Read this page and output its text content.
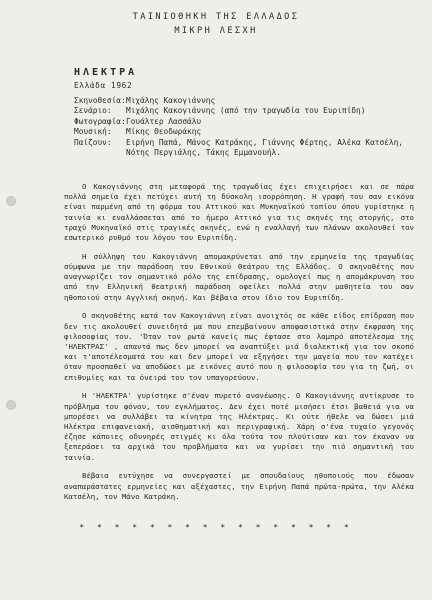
ΤΑΙΝΙΟΘΗΚΗ ΤΗΣ ΕΛΛΑΔΟΣ
ΜΙΚΡΗ ΛΕΣΧΗ
ΗΛΕΚΤΡΑ
Ελλάδα 1962
Σκηνοθεσία: Μιχάλης Κακογιάννης
Σενάριο:	Μιχάλης Κακογιάννης (από την τραγωδία του Ευριπίδη)
Φωτογραφία: Γουάλτερ Λασσάλυ
Μουσική:	Μίκης Θεοδωράκης
Παίζουν:	Ειρήνη Παπά, Μάνος Κατράκης, Γιάννης Φέρτης, Αλέκα Κατσέλη,
Νότης Περγιάλης, Τάκης Εμμανουήλ.

Ο Κακογιάννης στη μεταφορά της τραγωδίας έχει επιχειρήσει και σε πάρα πολλά σημεία έχει πετύχει αυτή τη δύσκολη ισορρόπηση. Η γραφή του σαν εικόνα είναι παρμένη από τη φόρμα του Αττικού και Μυκηναϊκού τοπίου όπου γυρίστηκε η ταινία κι εναλλάσσεται από το ήμερο Αττικό για τις σκηνές της στοργής, στο τραχύ Μυκηναϊκό στις τραγικές σκηνές, ενώ η εναλλαγή των πλάνων ακολουθεί τον εσωτερικό ρυθμό του λόγου του Ευριπίδη.

Η σύλληψη του Κακογιάννη απομακρύνεται από την ερμηνεία της τραγωδίας σύμφωνα με την παράδοση του Εθνικού Θεάτρου της Ελλάδος. Ο σκηνοθέτης που αναγνωρίζει τον σημαντικό ρόλο της επίδρασης, ομολογεί πως η απομάκρυνση του από την Ελληνική θεατρική παράδοση οφείλει πολλά στην μαθητεία του σαν ηθοποιού στην Αγγλική σκηνή. Και βέβαια στον ίδιο τον Ευριπίδη.

Ο σκηνοθέτης κατά τον Κακογιάννη είναι ανοιχτός σε κάθε είδος επίδραση που δεν τις ακολουθεί συνειδητά μα που επεμβαίνουν αποφασιστικά στην έκφραση της φιλοσοφίας του. 'Όταν τον ρωτά κανείς πως έφτασε στο λαμπρό αποτέλεσμα της 'ΗΛΕΚΤΡΑΣ' , απαντά πως δεν μπορεί να αναπτύξει μιά διαλεκτική για τον σκοπό και τ'αποτέλεσματά του και δεν μπορεί να εξηγήσει την μαγεία που τον κατέχει όταν προσπαθεί να αποδώσει με εικόνες αυτό που η φιλοσοφία του για τη ζωή, οι επιθυμίες και τα όνειρά του τον υπαγορεύουν.

Η 'ΗΛΕΚΤΡΑ' γυρίστηκε σ'έναν πυρετό ανανέωσης. Ο Κακογιάννης αντίκρυσε το πρόβλημα του φόνου, του εγκλήματος. Δεν έχει ποτέ μισήσει έτσι βαθειά για να μπορέσει να συλλάβει τα κίνητρα της Ηλέκτρας. Κι ούτε ήθελε να δώσει μιά Ηλέκτρα επιφανειακή, αισθηματική και περιγραφική. Χάρη σ'ένα τυχαίο γεγονός έζησε κάποιες οδυνηρές στιγμές κι όλα τούτα τον πλούτισαν και τον έκαναν να ξεπεράσει τα αρχικά του προβλήματα και να γυρίσει την πιό σημαντική του ταινία.

Βέβαια ευτύχησε να συνεργαστεί με σπουδαίους ηθοποιούς που έδωσαν αναπαράστατες ερμηνείες και αξέχαστες, την Ειρήνη Παπά πρώτα-πρώτα, την Αλέκα Κατσέλη, τον Μάνο Κατράκη.

* * * * * * * * * * * * * * * *
